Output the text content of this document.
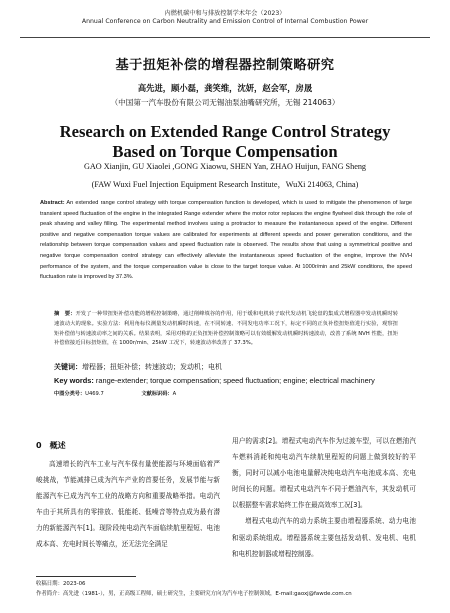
内燃机碳中和与排放控制学术年会（2023）
Annual Conference on Carbon Neutrality and Emission Control of Internal Combustion Power
基于扭矩补偿的增程器控制策略研究
高先进，顾小磊，龚笑维，沈妍，赵会军，房晟
（中国第一汽车股份有限公司无锡油泵油嘴研究所，无锡 214063）
Research on Extended Range Control Strategy
Based on Torque Compensation
GAO Xianjin, GU Xiaolei ,GONG Xiaowu, SHEN Yan, ZHAO Huijun, FANG Sheng
(FAW Wuxi Fuel Injection Equipment Research Institute，WuXi 214063, China)
Abstract: An extended range control strategy with torque compensation function is developed, which is used to mitigate the phenomenon of large transient speed fluctuation of the engine in the integrated Range extender where the motor rotor replaces the engine flywheel disk through the role of peak shaving and valley filling. The experimental method involves using a protractor to measure the instantaneous speed of the engine. Different positive and negative compensation torque values are calibrated for experiments at different speeds and power generation conditions, and the relationship between torque compensation values and speed fluctuation rate is observed. The results show that using a symmetrical positive and negative torque compensation control strategy can effectively alleviate the instantaneous speed fluctuation of the engine, improve the NVH performance of the system, and the torque compensation value is close to the target torque value. At 1000r/min and 25kW conditions, the speed fluctuation rate is improved by 37.3%.
摘　要：开发了一种带扭矩补偿功能的增程控制策略，通过削峰填谷的作用，用于缓和电机转子取代发动机飞轮盘的集成式增程器中发动机瞬时转速波动大的现象。实验方法：利用角标仪测量发动机瞬时转速，在不同转速、不同发电功率工况下，标定不同的正负补偿扭矩值进行实验，观察扭矩补偿值与转速波动率之间的关系。结果表明，采用对称的正负扭矩补偿控制策略可以有效缓解发动机瞬时转速波动，改善了系统 NVH 性能，扭矩补偿值接近目标扭矩值，在 1000r/min、25kW 工况下，转速波动率改善了 37.3%。
关键词：增程器；扭矩补偿；转速波动；发动机；电机
Key words: range-extender; torque compensation; speed fluctuation; engine; electrical machinery
中图分类号：U469.7	文献标识码：A
0　概述

高速增长的汽车工业与汽车保有量使能源与环境面临着严峻挑战，节能减排已成为汽车产业的首要任务，发展节能与新能源汽车已成为汽车工业的战略方向和重要战略举措。电动汽车由于其所具有的零排放、低能耗、低噪音等特点成为最有潜力的新能源汽车[1]。现阶段纯电动汽车面临续航里程短、电池成本高、充电时间长等痛点，还无法完全满足

用户的需求[2]。增程式电动汽车作为过渡车型，可以在燃油汽车燃料消耗和纯电动汽车续航里程短的问题上做到较好的平衡，同时可以减小电池电量解决纯电动汽车电池成本高、充电时间长的问题。增程式电动汽车不同于燃油汽车，其发动机可以根据整车需求始终工作在最高效率工况[3]。

增程式电动汽车的动力系统主要由增程器系统、动力电池和驱动系统组成。增程器系统主要包括发动机、发电机、电机和电机控制器或增程控制器。

收稿日期：2023-06
作者简介：高先进（1981-），男，正高级工程师，硕士研究生，主要研究方向为汽车电子控制领域，E-mail:gaoxj@fawde.com.cn
